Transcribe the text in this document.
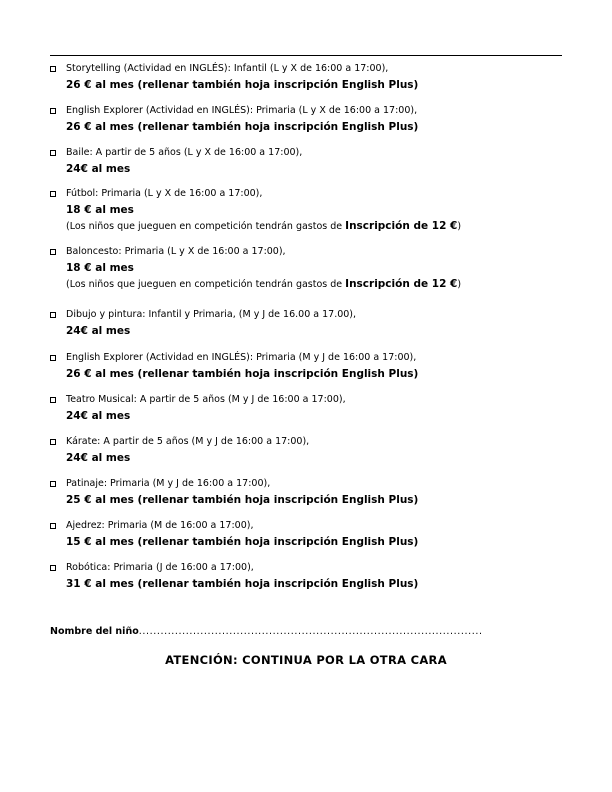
Storytelling (Actividad en INGLÉS): Infantil (L y X de 16:00 a 17:00),
26 € al mes (rellenar también hoja inscripción English Plus)
English Explorer (Actividad en INGLÉS): Primaria (L y X de 16:00 a 17:00),
26 € al mes (rellenar también hoja inscripción English Plus)
Baile: A partir de 5 años (L y X de 16:00 a 17:00),
24€ al mes
Fútbol: Primaria (L y X de 16:00 a 17:00),
18 € al mes
(Los niños que jueguen en competición tendrán gastos de Inscripción de 12 €)
Baloncesto: Primaria (L y X de 16:00 a 17:00),
18 € al mes
(Los niños que jueguen en competición tendrán gastos de Inscripción de 12 €)
Dibujo y pintura: Infantil y Primaria, (M y J de 16.00 a 17.00),
24€ al mes
English Explorer (Actividad en INGLÉS): Primaria (M y J de 16:00 a 17:00),
26 € al mes (rellenar también hoja inscripción English Plus)
Teatro Musical: A partir de 5 años (M y J de 16:00 a 17:00),
24€ al mes
Kárate: A partir de 5 años (M y J de 16:00 a 17:00),
24€ al mes
Patinaje: Primaria (M y J de 16:00 a 17:00),
25 € al mes (rellenar también hoja inscripción English Plus)
Ajedrez: Primaria (M de 16:00 a 17:00),
15 € al mes (rellenar también hoja inscripción English Plus)
Robótica: Primaria (J de 16:00 a 17:00),
31 € al mes (rellenar también hoja inscripción English Plus)
Nombre del niño...............................................................................................
ATENCIÓN: CONTINUA POR LA OTRA CARA
